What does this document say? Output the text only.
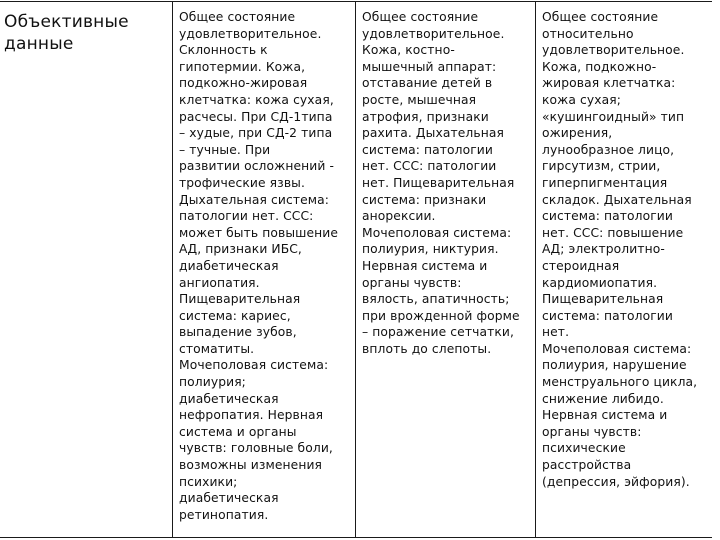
Объективные
данные
Общее состояние
удовлетворительное.
Склонность к
гипотермии. Кожа,
подкожно-жировая
клетчатка: кожа сухая,
расчесы. При СД-1типа
– худые, при СД-2 типа
– тучные. При
развитии осложнений -
трофические язвы.
Дыхательная система:
патологии нет. ССС:
может быть повышение
АД, признаки ИБС,
диабетическая
ангиопатия.
Пищеварительная
система: кариес,
выпадение зубов,
стоматиты.
Мочеполовая система:
полиурия;
диабетическая
нефропатия. Нервная
система и органы
чувств: головные боли,
возможны изменения
психики;
диабетическая
ретинопатия.
Общее состояние
удовлетворительное.
Кожа, костно-
мышечный аппарат:
отставание детей в
росте, мышечная
атрофия, признаки
рахита. Дыхательная
система: патологии
нет. ССС: патологии
нет. Пищеварительная
система: признаки
анорексии.
Мочеполовая система:
полиурия, никтурия.
Нервная система и
органы чувств:
вялость, апатичность;
при врожденной форме
– поражение сетчатки,
вплоть до слепоты.
Общее состояние
относительно
удовлетворительное.
Кожа, подкожно-
жировая клетчатка:
кожа сухая;
«кушингоидный» тип
ожирения,
лунообразное лицо,
гирсутизм, стрии,
гиперпигментация
складок. Дыхательная
система: патологии
нет. ССС: повышение
АД; электролитно-
стероидная
кардиомиопатия.
Пищеварительная
система: патологии
нет.
Мочеполовая система:
полиурия, нарушение
менструального цикла,
снижение либидо.
Нервная система и
органы чувств:
психические
расстройства
(депрессия, эйфория).
